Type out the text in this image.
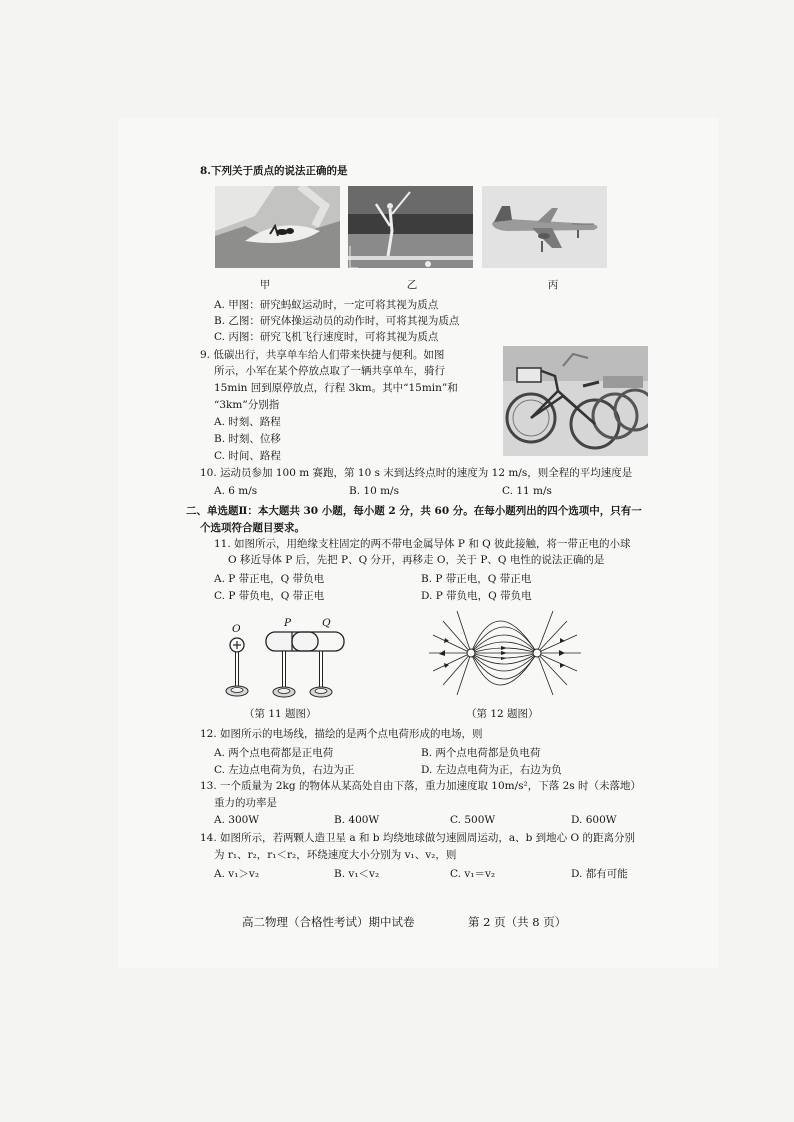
8.下列关于质点的说法正确的是
甲	乙	丙
A. 甲图：研究蚂蚁运动时，一定可将其视为质点
B. 乙图：研究体操运动员的动作时，可将其视为质点
C. 丙图：研究飞机飞行速度时，可将其视为质点
9. 低碳出行，共享单车给人们带来快捷与便利。如图
所示，小军在某个停放点取了一辆共享单车，骑行
15min 回到原停放点，行程 3km。其中“15min”和
“3km”分别指
A. 时刻、路程
B. 时刻、位移
C. 时间、路程
10. 运动员参加 100 m 赛跑，第 10 s 末到达终点时的速度为 12 m/s，则全程的平均速度是
A. 6 m/s	B. 10 m/s	C. 11 m/s
二、单选题Ⅱ：本大题共 30 小题，每小题 2 分，共 60 分。在每小题列出的四个选项中，只有一
个选项符合题目要求。
11. 如图所示，用绝缘支柱固定的两不带电金属导体 P 和 Q 彼此接触，将一带正电的小球
O 移近导体 P 后，先把 P、Q 分开，再移走 O，关于 P、Q 电性的说法正确的是
A. P 带正电，Q 带负电	B. P 带正电，Q 带正电
C. P 带负电，Q 带正电	D. P 带负电，Q 带负电
O	P	Q
（第 11 题图）	（第 12 题图）
12. 如图所示的电场线，描绘的是两个点电荷形成的电场，则
A. 两个点电荷都是正电荷	B. 两个点电荷都是负电荷
C. 左边点电荷为负，右边为正	D. 左边点电荷为正，右边为负
13. 一个质量为 2kg 的物体从某高处自由下落，重力加速度取 10m/s²，下落 2s 时（未落地）
重力的功率是
A. 300W	B. 400W	C. 500W	D. 600W
14. 如图所示，若两颗人造卫星 a 和 b 均绕地球做匀速圆周运动，a、b 到地心 O 的距离分别
为 r₁、r₂，r₁＜r₂，环绕速度大小分别为 v₁、v₂，则
A. v₁＞v₂	B. v₁＜v₂	C. v₁＝v₂	D. 都有可能
高二物理（合格性考试）期中试卷	第 2 页（共 8 页）
